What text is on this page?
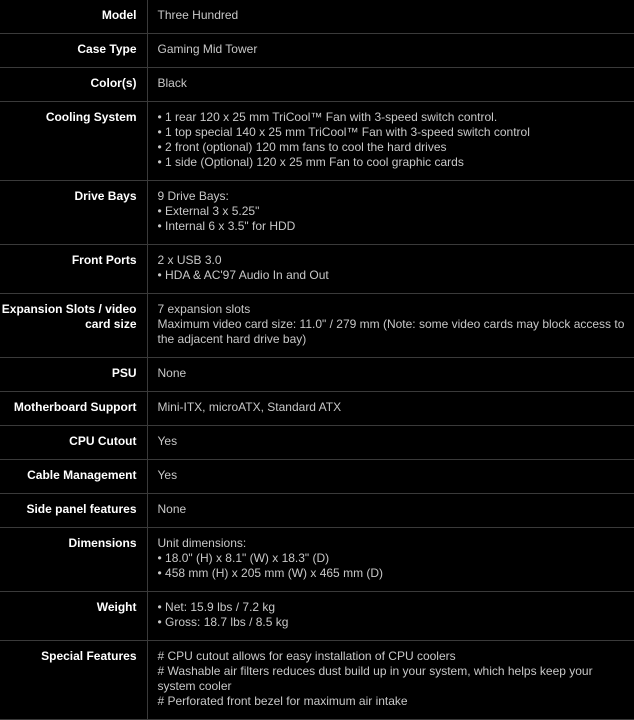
Model	Three Hundred

Case Type	Gaming Mid Tower

Color(s)	Black

Cooling System	• 1 rear 120 x 25 mm TriCool™ Fan with 3-speed switch control.
• 1 top special 140 x 25 mm TriCool™ Fan with 3-speed switch control
• 2 front (optional) 120 mm fans to cool the hard drives
• 1 side (Optional) 120 x 25 mm Fan to cool graphic cards

Drive Bays	9 Drive Bays:
• External 3 x 5.25"
• Internal 6 x 3.5" for HDD

Front Ports	2 x USB 3.0
• HDA & AC'97 Audio In and Out

Expansion Slots / video card size	7 expansion slots
Maximum video card size: 11.0" / 279 mm (Note: some video cards may block access to the adjacent hard drive bay)

PSU	None

Motherboard Support	Mini-ITX, microATX, Standard ATX

CPU Cutout	Yes

Cable Management	Yes

Side panel features	None

Dimensions	Unit dimensions:
• 18.0" (H) x 8.1" (W) x 18.3" (D)
• 458 mm (H) x 205 mm (W) x 465 mm (D)

Weight	• Net: 15.9 lbs / 7.2 kg
• Gross: 18.7 lbs / 8.5 kg

Special Features	# CPU cutout allows for easy installation of CPU coolers
# Washable air filters reduces dust build up in your system, which helps keep your system cooler
# Perforated front bezel for maximum air intake
